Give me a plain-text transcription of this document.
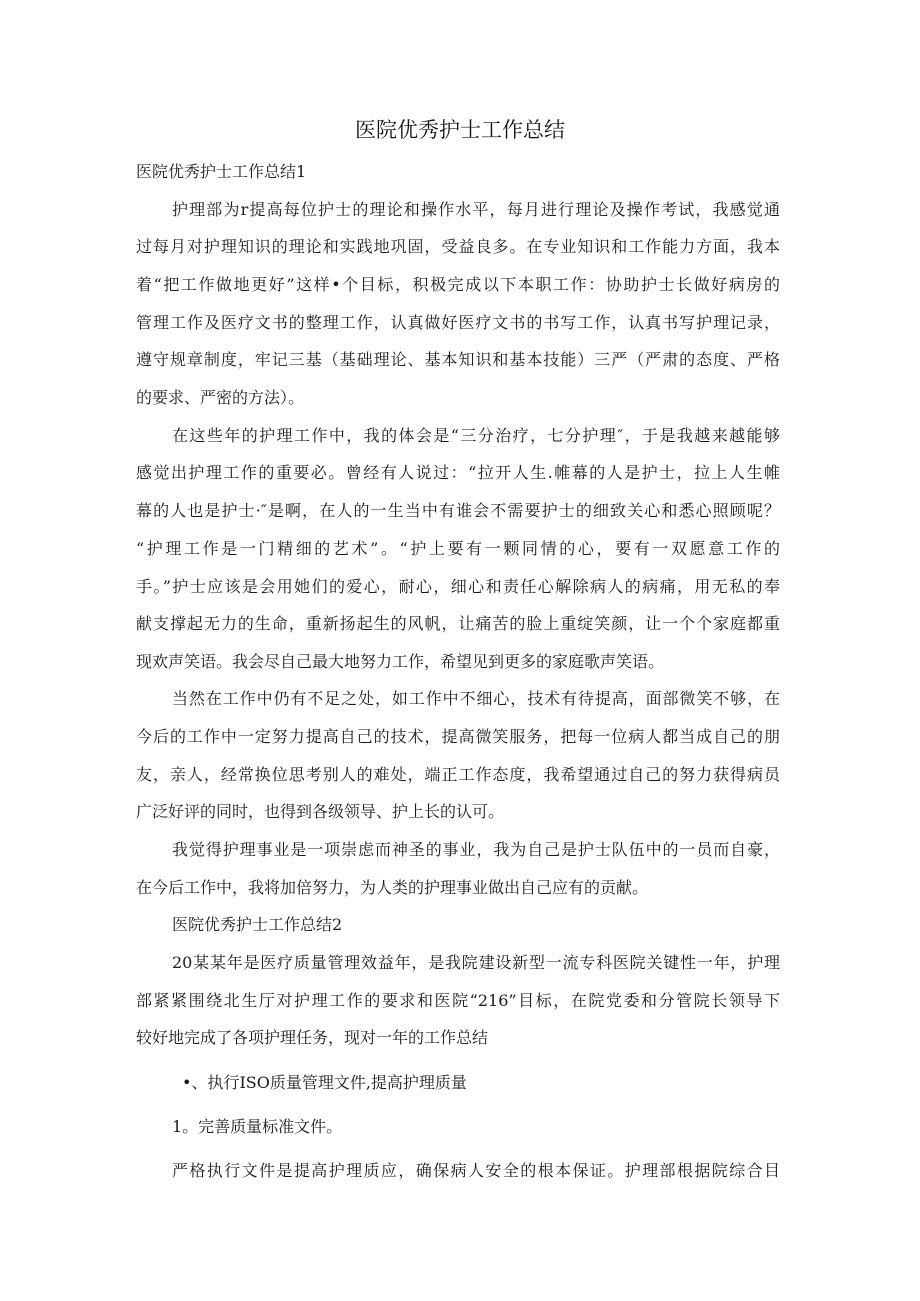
医院优秀护士工作总结
医院优秀护士工作总结1
护理部为r提高每位护士的理论和操作水平，每月进行理论及操作考试，我感觉通
过每月对护理知识的理论和实践地巩固，受益良多。在专业知识和工作能力方面，我本
着“把工作做地更好”这样•个目标，积极完成以下本职工作：协助护士长做好病房的
管理工作及医疗文书的整理工作，认真做好医疗文书的书写工作，认真书写护理记录，
遵守规章制度，牢记三基（基础理论、基本知识和基本技能）三严（严肃的态度、严格
的要求、严密的方法）。
在这些年的护理工作中，我的体会是“三分治疗，七分护理″，于是我越来越能够
感觉出护理工作的重要必。曾经有人说过：“拉开人生.帷幕的人是护士，拉上人生帷
幕的人也是护士·″是啊，在人的一生当中有谁会不需要护士的细致关心和悉心照顾呢？
“护理工作是一门精细的艺术”。“护上要有一颗同情的心，要有一双愿意工作的
手。”护士应该是会用她们的爱心，耐心，细心和责任心解除病人的病痛，用无私的奉
献支撑起无力的生命，重新扬起生的风帆，让痛苦的脸上重绽笑颜，让一个个家庭都重
现欢声笑语。我会尽自己最大地努力工作，希望见到更多的家庭歌声笑语。
当然在工作中仍有不足之处，如工作中不细心，技术有待提高，面部微笑不够，在
今后的工作中一定努力提高自己的技术，提高微笑服务，把每一位病人都当成自己的朋
友，亲人，经常换位思考别人的难处，端正工作态度，我希望通过自己的努力获得病员
广泛好评的同时，也得到各级领导、护上长的认可。
我觉得护理事业是一项崇虑而神圣的事业，我为自己是护士队伍中的一员而自豪，
在今后工作中，我将加倍努力，为人类的护理事业做出自己应有的贡献。
医院优秀护士工作总结2
20某某年是医疗质量管理效益年，是我院建设新型一流专科医院关键性一年，护理
部紧紧围绕北生厅对护理工作的要求和医院“216”目标，在院党委和分管院长领导下
较好地完成了各项护理任务，现对一年的工作总结
•、执行ISO质量管理文件,提高护理质量
1。完善质量标准文件。
严格执行文件是提高护理质应，确保病人安全的根本保证。护理部根据院综合目
